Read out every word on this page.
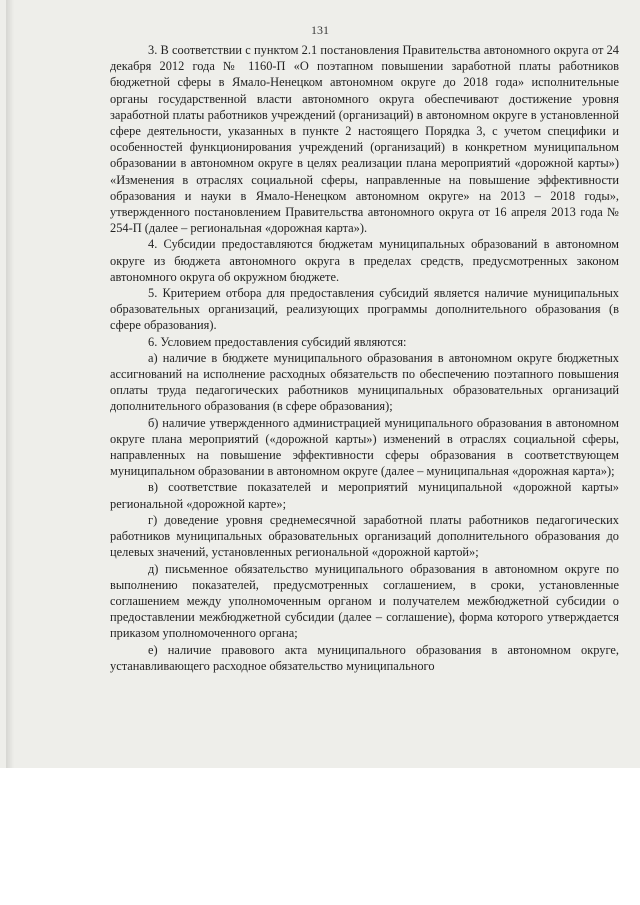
131

3. В соответствии с пунктом 2.1 постановления Правительства автономного округа от 24 декабря 2012 года № 1160-П «О поэтапном повышении заработной платы работников бюджетной сферы в Ямало-Ненецком автономном округе до 2018 года» исполнительные органы государственной власти автономного округа обеспечивают достижение уровня заработной платы работников учреждений (организаций) в автономном округе в установленной сфере деятельности, указанных в пункте 2 настоящего Порядка 3, с учетом специфики и особенностей функционирования учреждений (организаций) в конкретном муниципальном образовании в автономном округе в целях реализации плана мероприятий «дорожной карты») «Изменения в отраслях социальной сферы, направленные на повышение эффективности образования и науки в Ямало-Ненецком автономном округе» на 2013 – 2018 годы», утвержденного постановлением Правительства автономного округа от 16 апреля 2013 года № 254-П (далее – региональная «дорожная карта»).

4. Субсидии предоставляются бюджетам муниципальных образований в автономном округе из бюджета автономного округа в пределах средств, предусмотренных законом автономного округа об окружном бюджете.

5. Критерием отбора для предоставления субсидий является наличие муниципальных образовательных организаций, реализующих программы дополнительного образования (в сфере образования).

6. Условием предоставления субсидий являются:

а) наличие в бюджете муниципального образования в автономном округе бюджетных ассигнований на исполнение расходных обязательств по обеспечению поэтапного повышения оплаты труда педагогических работников муниципальных образовательных организаций дополнительного образования (в сфере образования);

б) наличие утвержденного администрацией муниципального образования в автономном округе плана мероприятий («дорожной карты») изменений в отраслях социальной сферы, направленных на повышение эффективности сферы образования в соответствующем муниципальном образовании в автономном округе (далее – муниципальная «дорожная карта»);

в) соответствие показателей и мероприятий муниципальной «дорожной карты» региональной «дорожной карте»;

г) доведение уровня среднемесячной заработной платы работников педагогических работников муниципальных образовательных организаций дополнительного образования до целевых значений, установленных региональной «дорожной картой»;

д) письменное обязательство муниципального образования в автономном округе по выполнению показателей, предусмотренных соглашением, в сроки, установленные соглашением между уполномоченным органом и получателем межбюджетной субсидии о предоставлении межбюджетной субсидии (далее – соглашение), форма которого утверждается приказом уполномоченного органа;

е) наличие правового акта муниципального образования в автономном округе, устанавливающего расходное обязательство муниципального
